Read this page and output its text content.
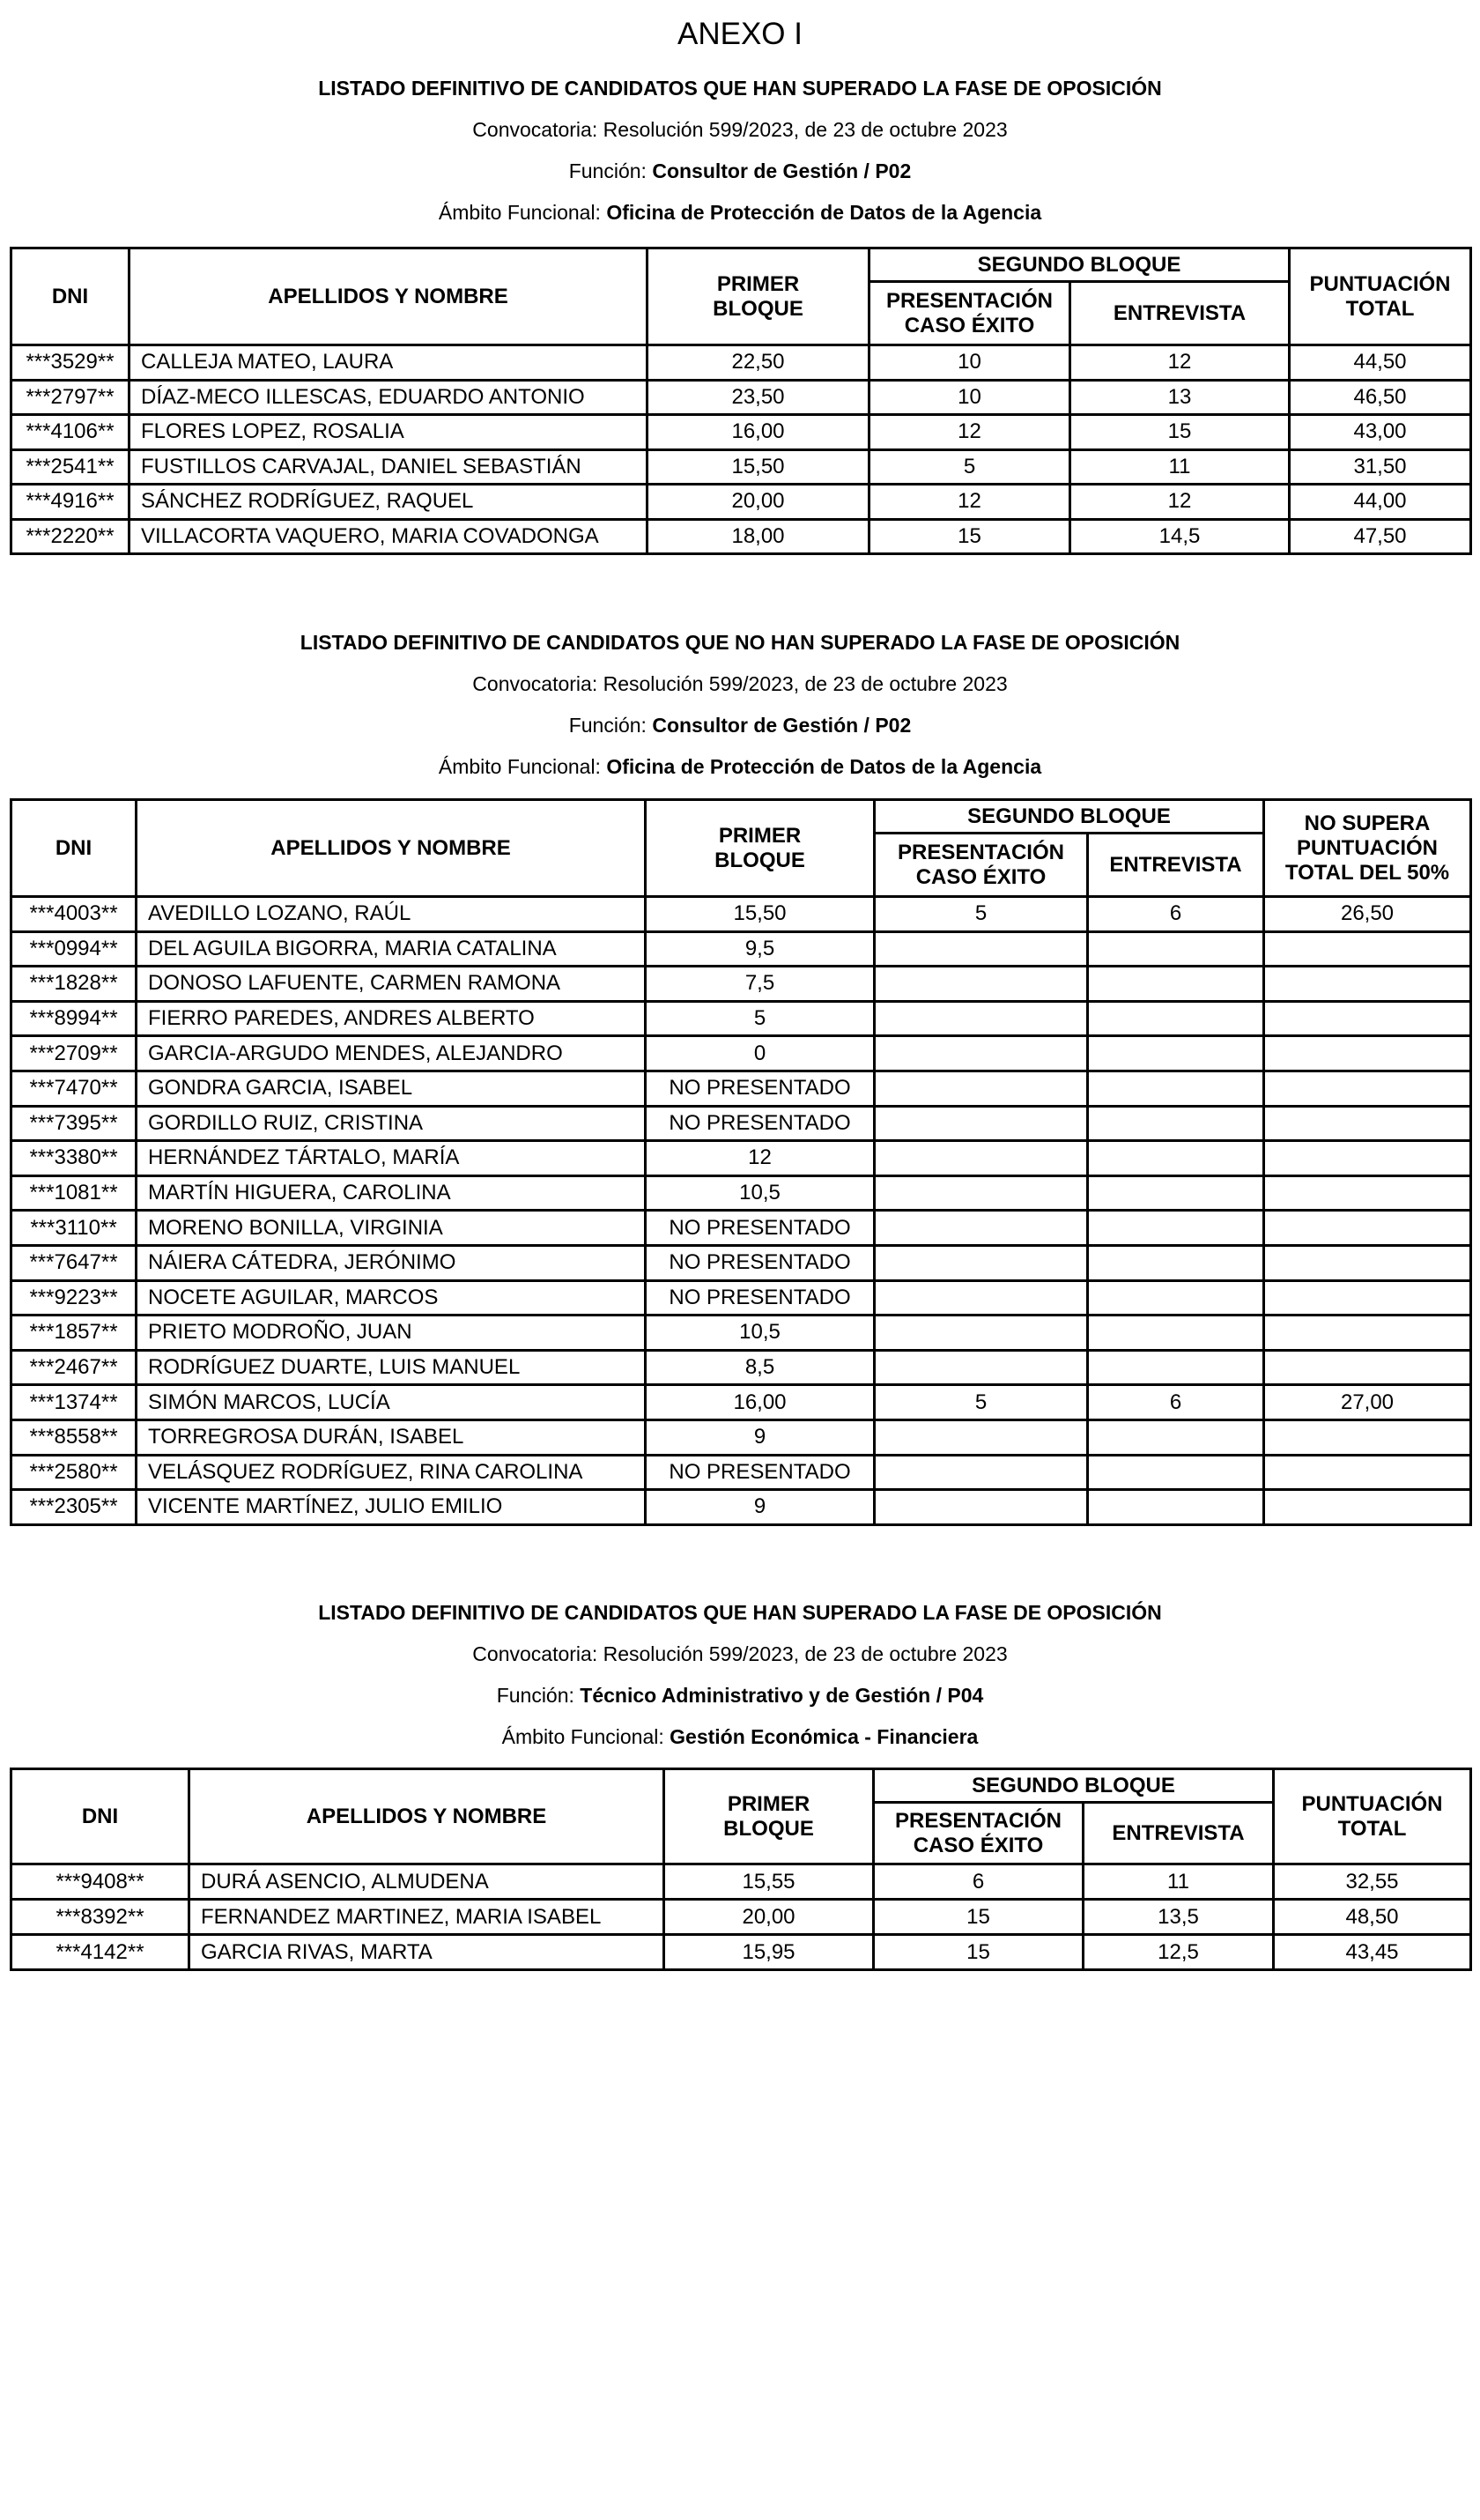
ANEXO I
LISTADO DEFINITIVO DE CANDIDATOS QUE HAN SUPERADO LA FASE DE OPOSICIÓN
Convocatoria: Resolución 599/2023, de 23 de octubre 2023
Función: Consultor de Gestión / P02
Ámbito Funcional: Oficina de Protección de Datos de la Agencia
DNI	APELLIDOS Y NOMBRE	PRIMER BLOQUE	SEGUNDO BLOQUE		PUNTUACIÓN TOTAL
			PRESENTACIÓN CASO ÉXITO	ENTREVISTA	
***3529**	CALLEJA MATEO, LAURA	22,50	10	12	44,50
***2797**	DÍAZ-MECO ILLESCAS, EDUARDO ANTONIO	23,50	10	13	46,50
***4106**	FLORES LOPEZ, ROSALIA	16,00	12	15	43,00
***2541**	FUSTILLOS CARVAJAL, DANIEL SEBASTIÁN	15,50	5	11	31,50
***4916**	SÁNCHEZ RODRÍGUEZ, RAQUEL	20,00	12	12	44,00
***2220**	VILLACORTA VAQUERO, MARIA COVADONGA	18,00	15	14,5	47,50
LISTADO DEFINITIVO DE CANDIDATOS QUE NO HAN SUPERADO LA FASE DE OPOSICIÓN
Convocatoria: Resolución 599/2023, de 23 de octubre 2023
Función: Consultor de Gestión / P02
Ámbito Funcional: Oficina de Protección de Datos de la Agencia
DNI	APELLIDOS Y NOMBRE	PRIMER BLOQUE	SEGUNDO BLOQUE		NO SUPERA PUNTUACIÓN TOTAL DEL 50%
			PRESENTACIÓN CASO ÉXITO	ENTREVISTA	
***4003**	AVEDILLO LOZANO, RAÚL	15,50	5	6	26,50
***0994**	DEL AGUILA BIGORRA, MARIA CATALINA	9,5			
***1828**	DONOSO LAFUENTE, CARMEN RAMONA	7,5			
***8994**	FIERRO PAREDES, ANDRES ALBERTO	5			
***2709**	GARCIA-ARGUDO MENDES, ALEJANDRO	0			
***7470**	GONDRA GARCIA, ISABEL	NO PRESENTADO			
***7395**	GORDILLO RUIZ, CRISTINA	NO PRESENTADO			
***3380**	HERNÁNDEZ TÁRTALO, MARÍA	12			
***1081**	MARTÍN HIGUERA, CAROLINA	10,5			
***3110**	MORENO BONILLA, VIRGINIA	NO PRESENTADO			
***7647**	NÁIERA CÁTEDRA, JERÓNIMO	NO PRESENTADO			
***9223**	NOCETE AGUILAR, MARCOS	NO PRESENTADO			
***1857**	PRIETO MODROÑO, JUAN	10,5			
***2467**	RODRÍGUEZ DUARTE, LUIS MANUEL	8,5			
***1374**	SIMÓN MARCOS, LUCÍA	16,00	5	6	27,00
***8558**	TORREGROSA DURÁN, ISABEL	9			
***2580**	VELÁSQUEZ RODRÍGUEZ, RINA CAROLINA	NO PRESENTADO			
***2305**	VICENTE MARTÍNEZ, JULIO EMILIO	9			
LISTADO DEFINITIVO DE CANDIDATOS QUE HAN SUPERADO LA FASE DE OPOSICIÓN
Convocatoria: Resolución 599/2023, de 23 de octubre 2023
Función: Técnico Administrativo y de Gestión / P04
Ámbito Funcional: Gestión Económica - Financiera
DNI	APELLIDOS Y NOMBRE	PRIMER BLOQUE	SEGUNDO BLOQUE		PUNTUACIÓN TOTAL
			PRESENTACIÓN CASO ÉXITO	ENTREVISTA	
***9408**	DURÁ ASENCIO, ALMUDENA	15,55	6	11	32,55
***8392**	FERNANDEZ MARTINEZ, MARIA ISABEL	20,00	15	13,5	48,50
***4142**	GARCIA RIVAS, MARTA	15,95	15	12,5	43,45
